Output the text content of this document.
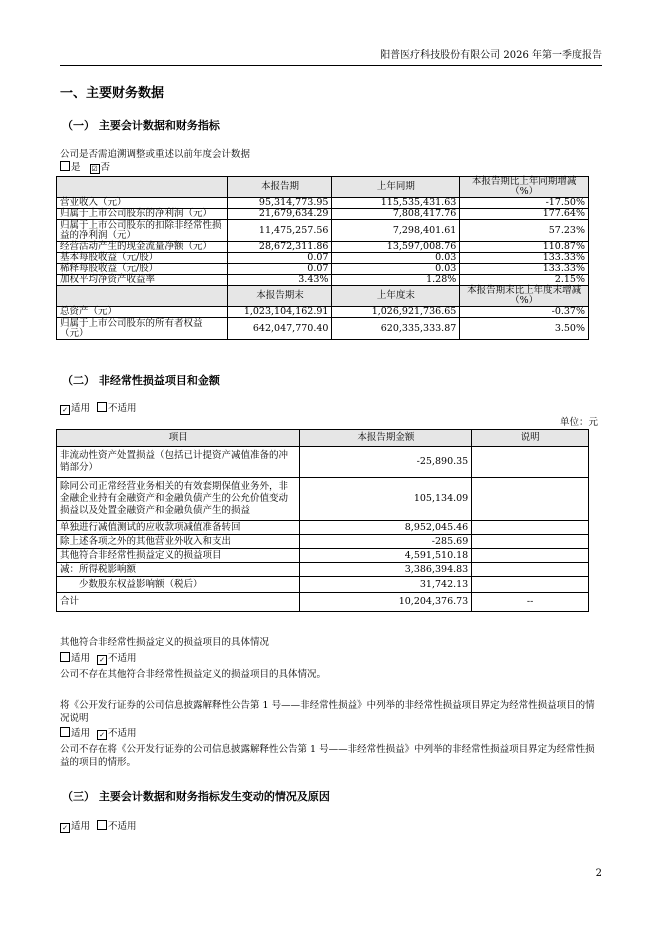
阳普医疗科技股份有限公司 2026 年第一季度报告
一、主要财务数据
（一） 主要会计数据和财务指标
公司是否需追溯调整或重述以前年度会计数据
是 ☑ 否
	本报告期	上年同期	本报告期比上年同期增减（%）
营业收入（元）	95,314,773.95	115,535,431.63	-17.50%
归属于上市公司股东的净利润（元）	21,679,634.29	7,808,417.76	177.64%
归属于上市公司股东的扣除非经常性损益的净利润（元）	11,475,257.56	7,298,401.61	57.23%
经营活动产生的现金流量净额（元）	28,672,311.86	13,597,008.76	110.87%
基本每股收益（元/股）	0.07	0.03	133.33%
稀释每股收益（元/股）	0.07	0.03	133.33%
加权平均净资产收益率	3.43%	1.28%	2.15%
	本报告期末	上年度末	本报告期末比上年度末增减（%）
总资产（元）	1,023,104,162.91	1,026,921,736.65	-0.37%
归属于上市公司股东的所有者权益（元）	642,047,770.40	620,335,333.87	3.50%
（二） 非经常性损益项目和金额
✓ 适用 不适用
单位：元
项目	本报告期金额	说明
非流动性资产处置损益（包括已计提资产减值准备的冲销部分）	-25,890.35	
除同公司正常经营业务相关的有效套期保值业务外，非金融企业持有金融资产和金融负债产生的公允价值变动损益以及处置金融资产和金融负债产生的损益	105,134.09	
单独进行减值测试的应收款项减值准备转回	8,952,045.46	
除上述各项之外的其他营业外收入和支出	-285.69	
其他符合非经常性损益定义的损益项目	4,591,510.18	
减：所得税影响额	3,386,394.83	
　　少数股东权益影响额（税后）	31,742.13	
合计	10,204,376.73	--
其他符合非经常性损益定义的损益项目的具体情况
适用 ✓ 不适用
公司不存在其他符合非经常性损益定义的损益项目的具体情况。
将《公开发行证券的公司信息披露解释性公告第 1 号——非经常性损益》中列举的非经常性损益项目界定为经常性损益项目的情况说明
适用 ✓ 不适用
公司不存在将《公开发行证券的公司信息披露解释性公告第 1 号——非经常性损益》中列举的非经常性损益项目界定为经常性损益的项目的情形。
（三） 主要会计数据和财务指标发生变动的情况及原因
✓ 适用 不适用
2
